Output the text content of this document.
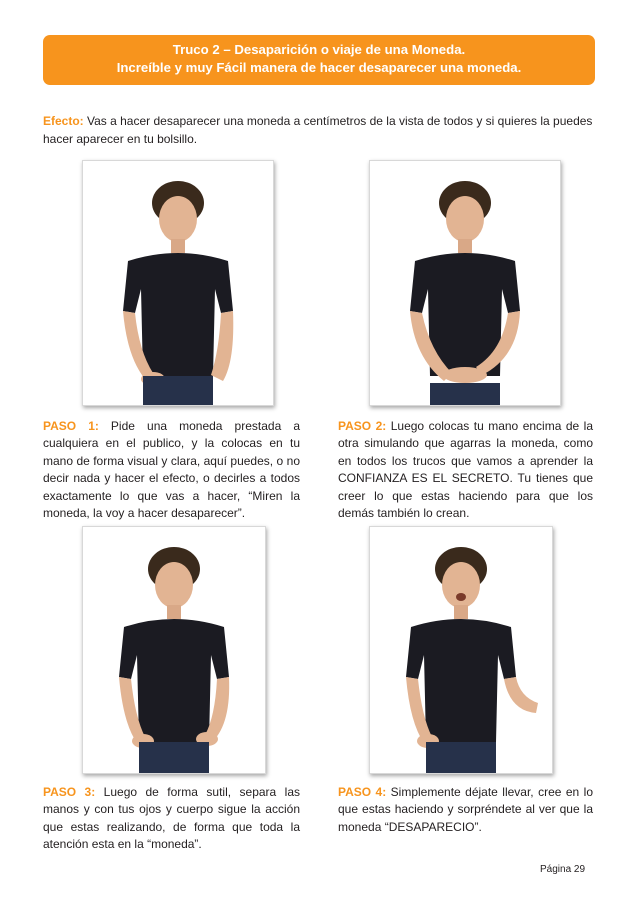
Truco 2 – Desaparición o viaje de una Moneda.
Increíble y muy Fácil manera de hacer desaparecer una moneda.
Efecto: Vas a hacer desaparecer una moneda a centímetros de la vista de todos y si quieres la puedes hacer aparecer en tu bolsillo.
PASO 1: Pide una moneda prestada a cualquiera en el publico, y la colocas en tu mano de forma visual y clara, aquí puedes, o no decir nada y hacer el efecto, o decirles a todos exactamente lo que vas a hacer, “Miren la moneda, la voy a hacer desaparecer”.
PASO 2: Luego colocas tu mano encima de la otra simulando que agarras la moneda, como en todos los trucos que vamos a aprender la CONFIANZA ES EL SECRETO. Tu tienes que creer lo que estas haciendo para que los demás también lo crean.
PASO 3: Luego de forma sutil, separa las manos y con tus ojos y cuerpo sigue la acción que estas realizando, de forma que toda la atención esta en la “moneda”.
PASO 4: Simplemente déjate llevar, cree en lo que estas haciendo y sorpréndete al ver que la moneda “DESAPARECIO”.
Página 29
